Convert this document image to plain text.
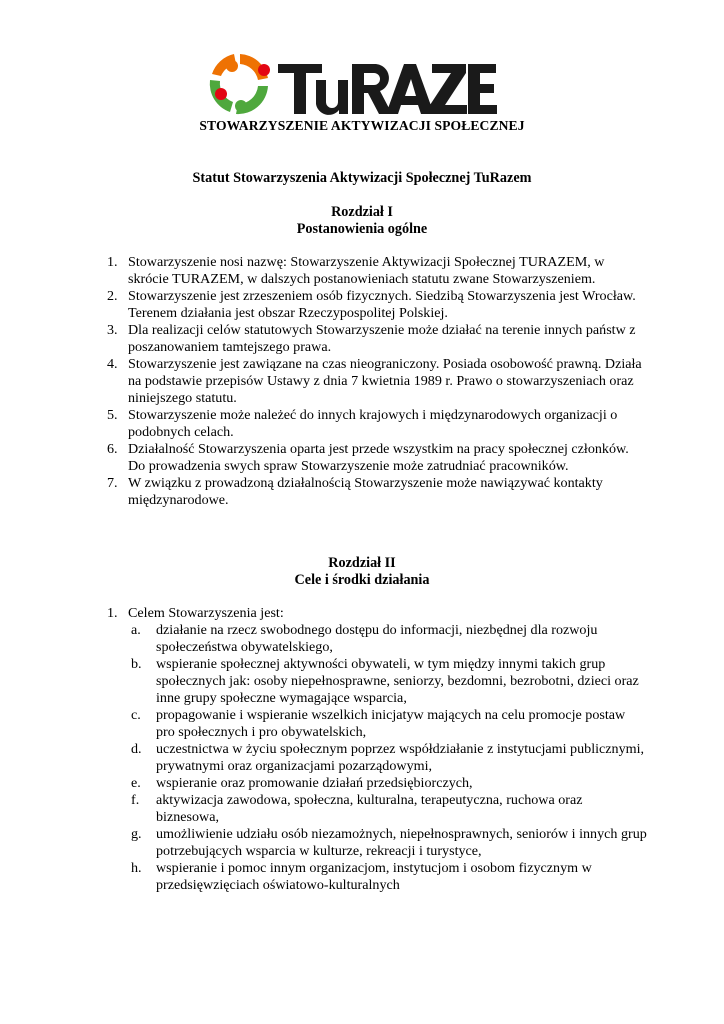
STOWARZYSZENIE AKTYWIZACJI SPOŁECZNEJ
Statut Stowarzyszenia Aktywizacji Społecznej TuRazem
Rozdział I
Postanowienia ogólne
1. Stowarzyszenie nosi nazwę: Stowarzyszenie Aktywizacji Społecznej TURAZEM, w skrócie TURAZEM, w dalszych postanowieniach statutu zwane Stowarzyszeniem.
2. Stowarzyszenie jest zrzeszeniem osób fizycznych. Siedzibą Stowarzyszenia jest Wrocław. Terenem działania jest obszar Rzeczypospolitej Polskiej.
3. Dla realizacji celów statutowych Stowarzyszenie może działać na terenie innych państw z poszanowaniem tamtejszego prawa.
4. Stowarzyszenie jest zawiązane na czas nieograniczony. Posiada osobowość prawną. Działa na podstawie przepisów Ustawy z dnia 7 kwietnia 1989 r. Prawo o stowarzyszeniach oraz niniejszego statutu.
5. Stowarzyszenie może należeć do innych krajowych i międzynarodowych organizacji o podobnych celach.
6. Działalność Stowarzyszenia oparta jest przede wszystkim na pracy społecznej członków. Do prowadzenia swych spraw Stowarzyszenie może zatrudniać pracowników.
7. W związku z prowadzoną działalnością Stowarzyszenie może nawiązywać kontakty międzynarodowe.
Rozdział II
Cele i środki działania
1. Celem Stowarzyszenia jest:
a. działanie na rzecz swobodnego dostępu do informacji, niezbędnej dla rozwoju społeczeństwa obywatelskiego,
b. wspieranie społecznej aktywności obywateli, w tym między innymi takich grup społecznych jak: osoby niepełnosprawne, seniorzy, bezdomni, bezrobotni, dzieci oraz inne grupy społeczne wymagające wsparcia,
c. propagowanie i wspieranie wszelkich inicjatyw mających na celu promocje postaw pro społecznych i pro obywatelskich,
d. uczestnictwa w życiu społecznym poprzez współdziałanie z instytucjami publicznymi, prywatnymi oraz organizacjami pozarządowymi,
e. wspieranie oraz promowanie działań przedsiębiorczych,
f. aktywizacja zawodowa, społeczna, kulturalna, terapeutyczna, ruchowa oraz biznesowa,
g. umożliwienie udziału osób niezamożnych, niepełnosprawnych, seniorów i innych grup potrzebujących wsparcia w kulturze, rekreacji i turystyce,
h. wspieranie i pomoc innym organizacjom, instytucjom i osobom fizycznym w przedsięwzięciach oświatowo-kulturalnych
